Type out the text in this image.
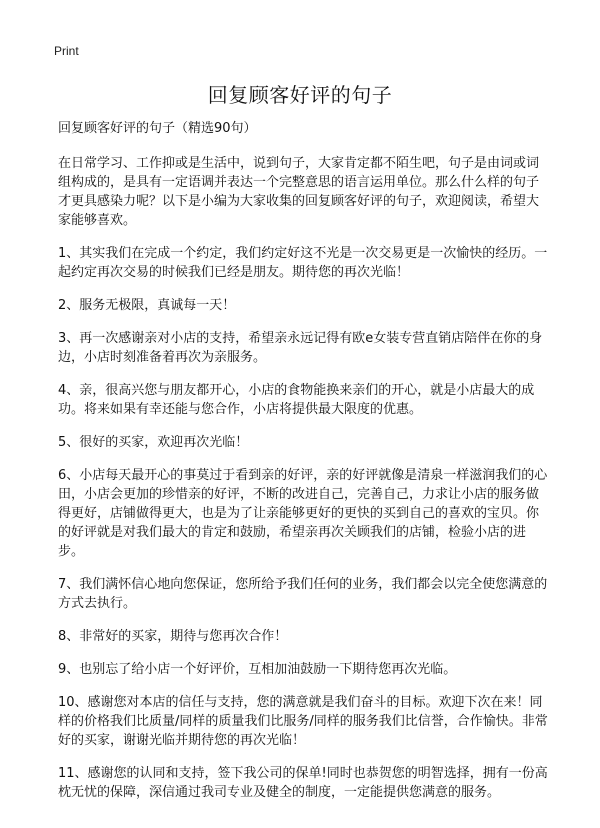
Print
回复顾客好评的句子

回复顾客好评的句子（精选90句）

在日常学习、工作抑或是生活中，说到句子，大家肯定都不陌生吧，句子是由词或词组构成的，是具有一定语调并表达一个完整意思的语言运用单位。那么什么样的句子才更具感染力呢？以下是小编为大家收集的回复顾客好评的句子，欢迎阅读，希望大家能够喜欢。

1、其实我们在完成一个约定，我们约定好这不光是一次交易更是一次愉快的经历。一起约定再次交易的时候我们已经是朋友。期待您的再次光临！

2、服务无极限，真诚每一天！

3、再一次感谢亲对小店的支持，希望亲永远记得有欧e女装专营直销店陪伴在你的身边，小店时刻准备着再次为亲服务。

4、亲，很高兴您与朋友都开心，小店的食物能换来亲们的开心，就是小店最大的成功。将来如果有幸还能与您合作，小店将提供最大限度的优惠。

5、很好的买家，欢迎再次光临！

6、小店每天最开心的事莫过于看到亲的好评，亲的好评就像是清泉一样滋润我们的心田，小店会更加的珍惜亲的好评，不断的改进自己，完善自己，力求让小店的服务做得更好，店铺做得更大，也是为了让亲能够更好的更快的买到自己的喜欢的宝贝。你的好评就是对我们最大的肯定和鼓励，希望亲再次关顾我们的店铺，检验小店的进步。

7、我们满怀信心地向您保证，您所给予我们任何的业务，我们都会以完全使您满意的方式去执行。

8、非常好的买家，期待与您再次合作！

9、也别忘了给小店一个好评价，互相加油鼓励一下期待您再次光临。

10、感谢您对本店的信任与支持，您的满意就是我们奋斗的目标。欢迎下次在来！同样的价格我们比质量/同样的质量我们比服务/同样的服务我们比信誉，合作愉快。非常好的买家，谢谢光临并期待您的再次光临！

11、感谢您的认同和支持，签下我公司的保单!同时也恭贺您的明智选择，拥有一份高枕无忧的保障，深信通过我司专业及健全的制度，一定能提供您满意的服务。
